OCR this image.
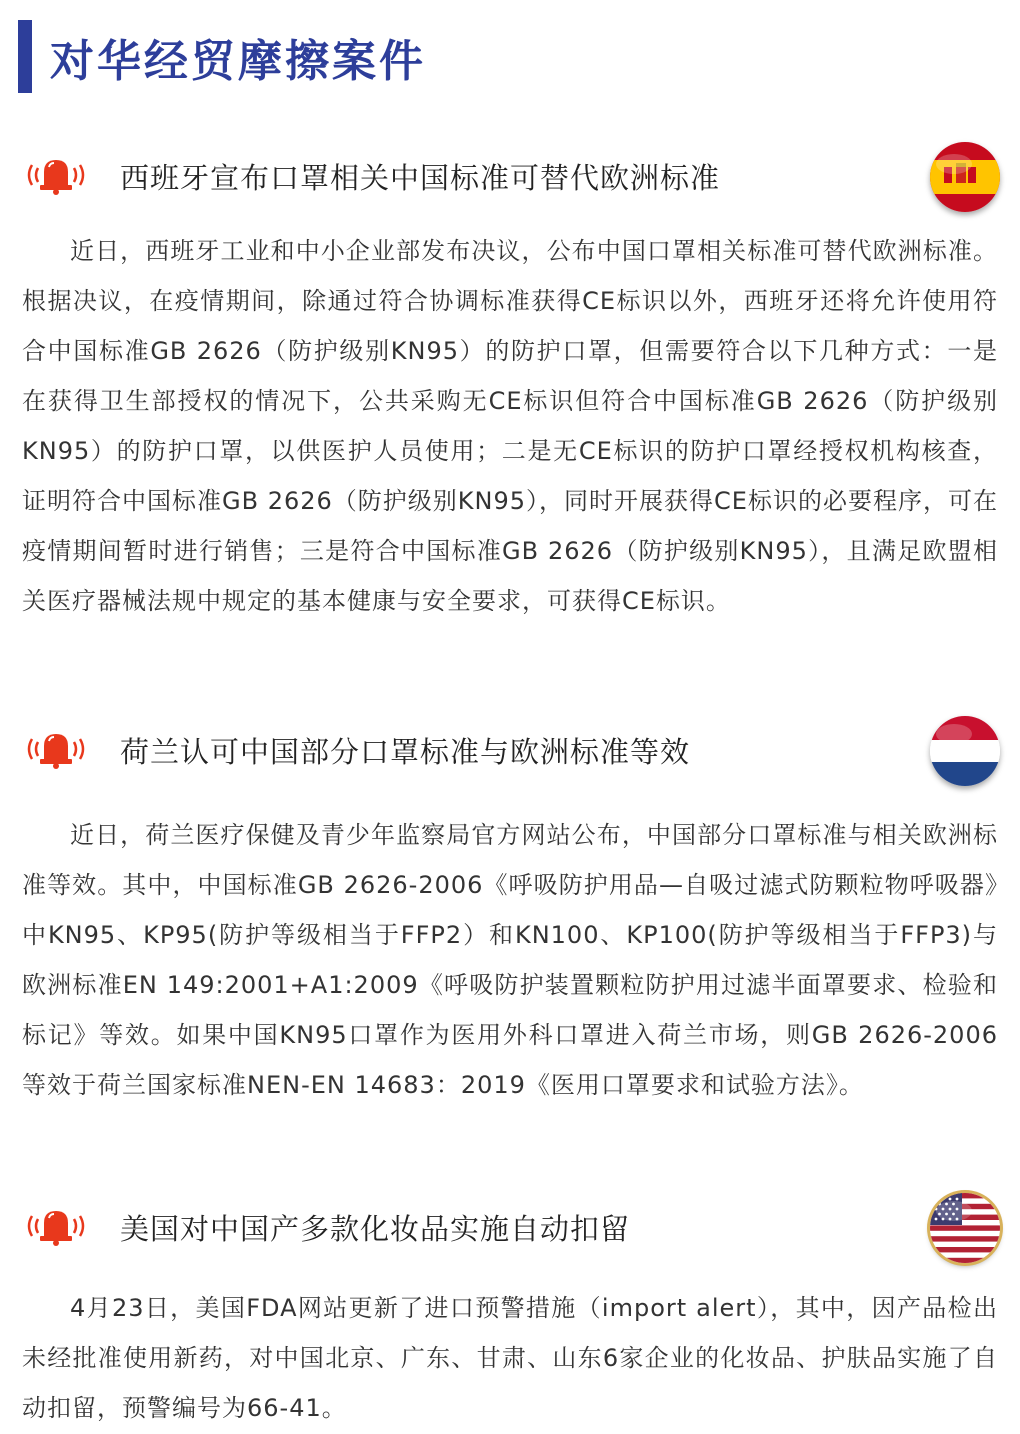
对华经贸摩擦案件
西班牙宣布口罩相关中国标准可替代欧洲标准

近日，西班牙工业和中小企业部发布决议，公布中国口罩相关标准可替代欧洲标准。根据决议，在疫情期间，除通过符合协调标准获得CE标识以外，西班牙还将允许使用符合中国标准GB 2626（防护级别KN95）的防护口罩，但需要符合以下几种方式：一是在获得卫生部授权的情况下，公共采购无CE标识但符合中国标准GB 2626（防护级别KN95）的防护口罩，以供医护人员使用；二是无CE标识的防护口罩经授权机构核查，证明符合中国标准GB 2626（防护级别KN95），同时开展获得CE标识的必要程序，可在疫情期间暂时进行销售；三是符合中国标准GB 2626（防护级别KN95），且满足欧盟相关医疗器械法规中规定的基本健康与安全要求，可获得CE标识。

荷兰认可中国部分口罩标准与欧洲标准等效

近日，荷兰医疗保健及青少年监察局官方网站公布，中国部分口罩标准与相关欧洲标准等效。其中，中国标准GB 2626-2006《呼吸防护用品—自吸过滤式防颗粒物呼吸器》中KN95、KP95(防护等级相当于FFP2）和KN100、KP100(防护等级相当于FFP3)与欧洲标准EN 149:2001+A1:2009《呼吸防护装置颗粒防护用过滤半面罩要求、检验和标记》等效。如果中国KN95口罩作为医用外科口罩进入荷兰市场，则GB 2626-2006等效于荷兰国家标准NEN-EN 14683：2019《医用口罩要求和试验方法》。

美国对中国产多款化妆品实施自动扣留

4月23日，美国FDA网站更新了进口预警措施（import alert），其中，因产品检出未经批准使用新药，对中国北京、广东、甘肃、山东6家企业的化妆品、护肤品实施了自动扣留，预警编号为66-41。
